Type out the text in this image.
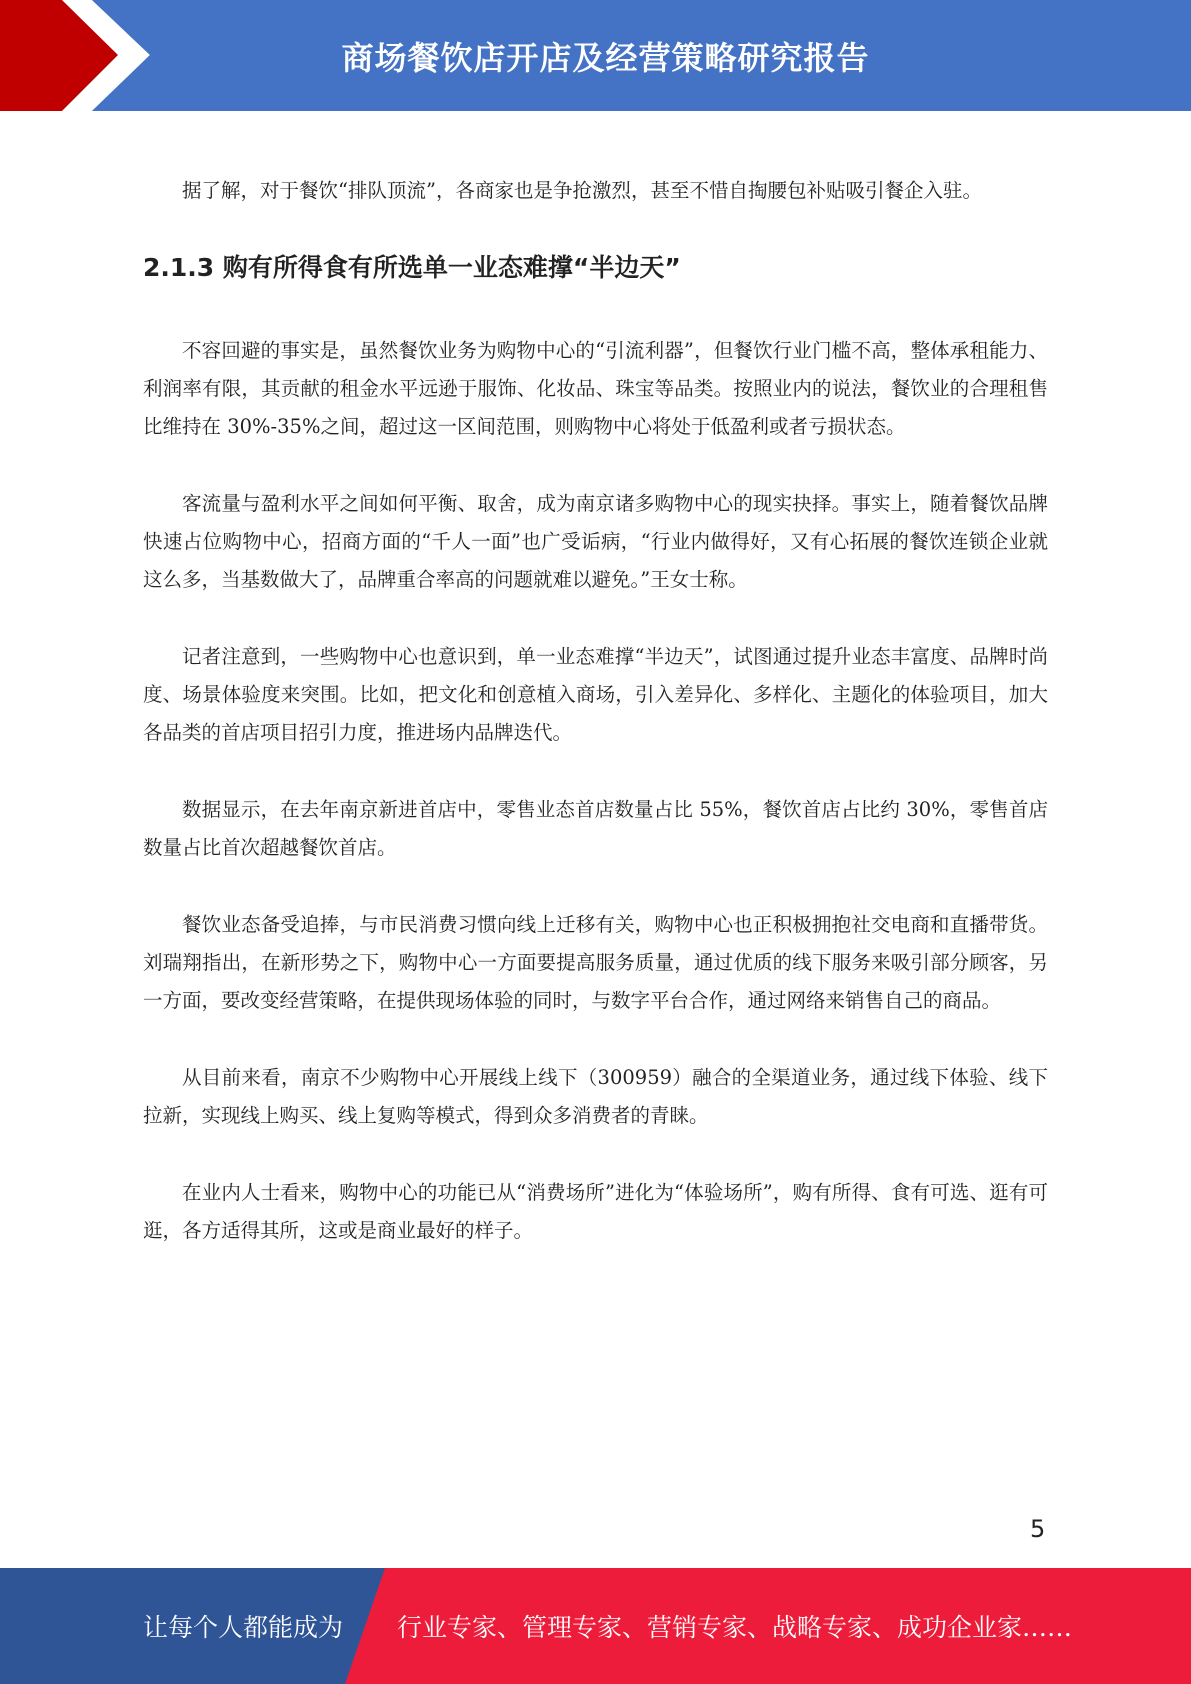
商场餐饮店开店及经营策略研究报告

据了解，对于餐饮“排队顶流”，各商家也是争抢激烈，甚至不惜自掏腰包补贴吸引餐企入驻。

2.1.3 购有所得食有所选单一业态难撑“半边天”

不容回避的事实是，虽然餐饮业务为购物中心的“引流利器”，但餐饮行业门槛不高，整体承租能力、利润率有限，其贡献的租金水平远逊于服饰、化妆品、珠宝等品类。按照业内的说法，餐饮业的合理租售比维持在 30%-35%之间，超过这一区间范围，则购物中心将处于低盈利或者亏损状态。

客流量与盈利水平之间如何平衡、取舍，成为南京诸多购物中心的现实抉择。事实上，随着餐饮品牌快速占位购物中心，招商方面的“千人一面”也广受诟病，“行业内做得好，又有心拓展的餐饮连锁企业就这么多，当基数做大了，品牌重合率高的问题就难以避免。”王女士称。

记者注意到，一些购物中心也意识到，单一业态难撑“半边天”，试图通过提升业态丰富度、品牌时尚度、场景体验度来突围。比如，把文化和创意植入商场，引入差异化、多样化、主题化的体验项目，加大各品类的首店项目招引力度，推进场内品牌迭代。

数据显示，在去年南京新进首店中，零售业态首店数量占比 55%，餐饮首店占比约 30%，零售首店数量占比首次超越餐饮首店。

餐饮业态备受追捧，与市民消费习惯向线上迁移有关，购物中心也正积极拥抱社交电商和直播带货。刘瑞翔指出，在新形势之下，购物中心一方面要提高服务质量，通过优质的线下服务来吸引部分顾客，另一方面，要改变经营策略，在提供现场体验的同时，与数字平台合作，通过网络来销售自己的商品。

从目前来看，南京不少购物中心开展线上线下（300959）融合的全渠道业务，通过线下体验、线下拉新，实现线上购买、线上复购等模式，得到众多消费者的青睐。

在业内人士看来，购物中心的功能已从“消费场所”进化为“体验场所”，购有所得、食有可选、逛有可逛，各方适得其所，这或是商业最好的样子。

5
让每个人都能成为 行业专家、管理专家、营销专家、战略专家、成功企业家……
